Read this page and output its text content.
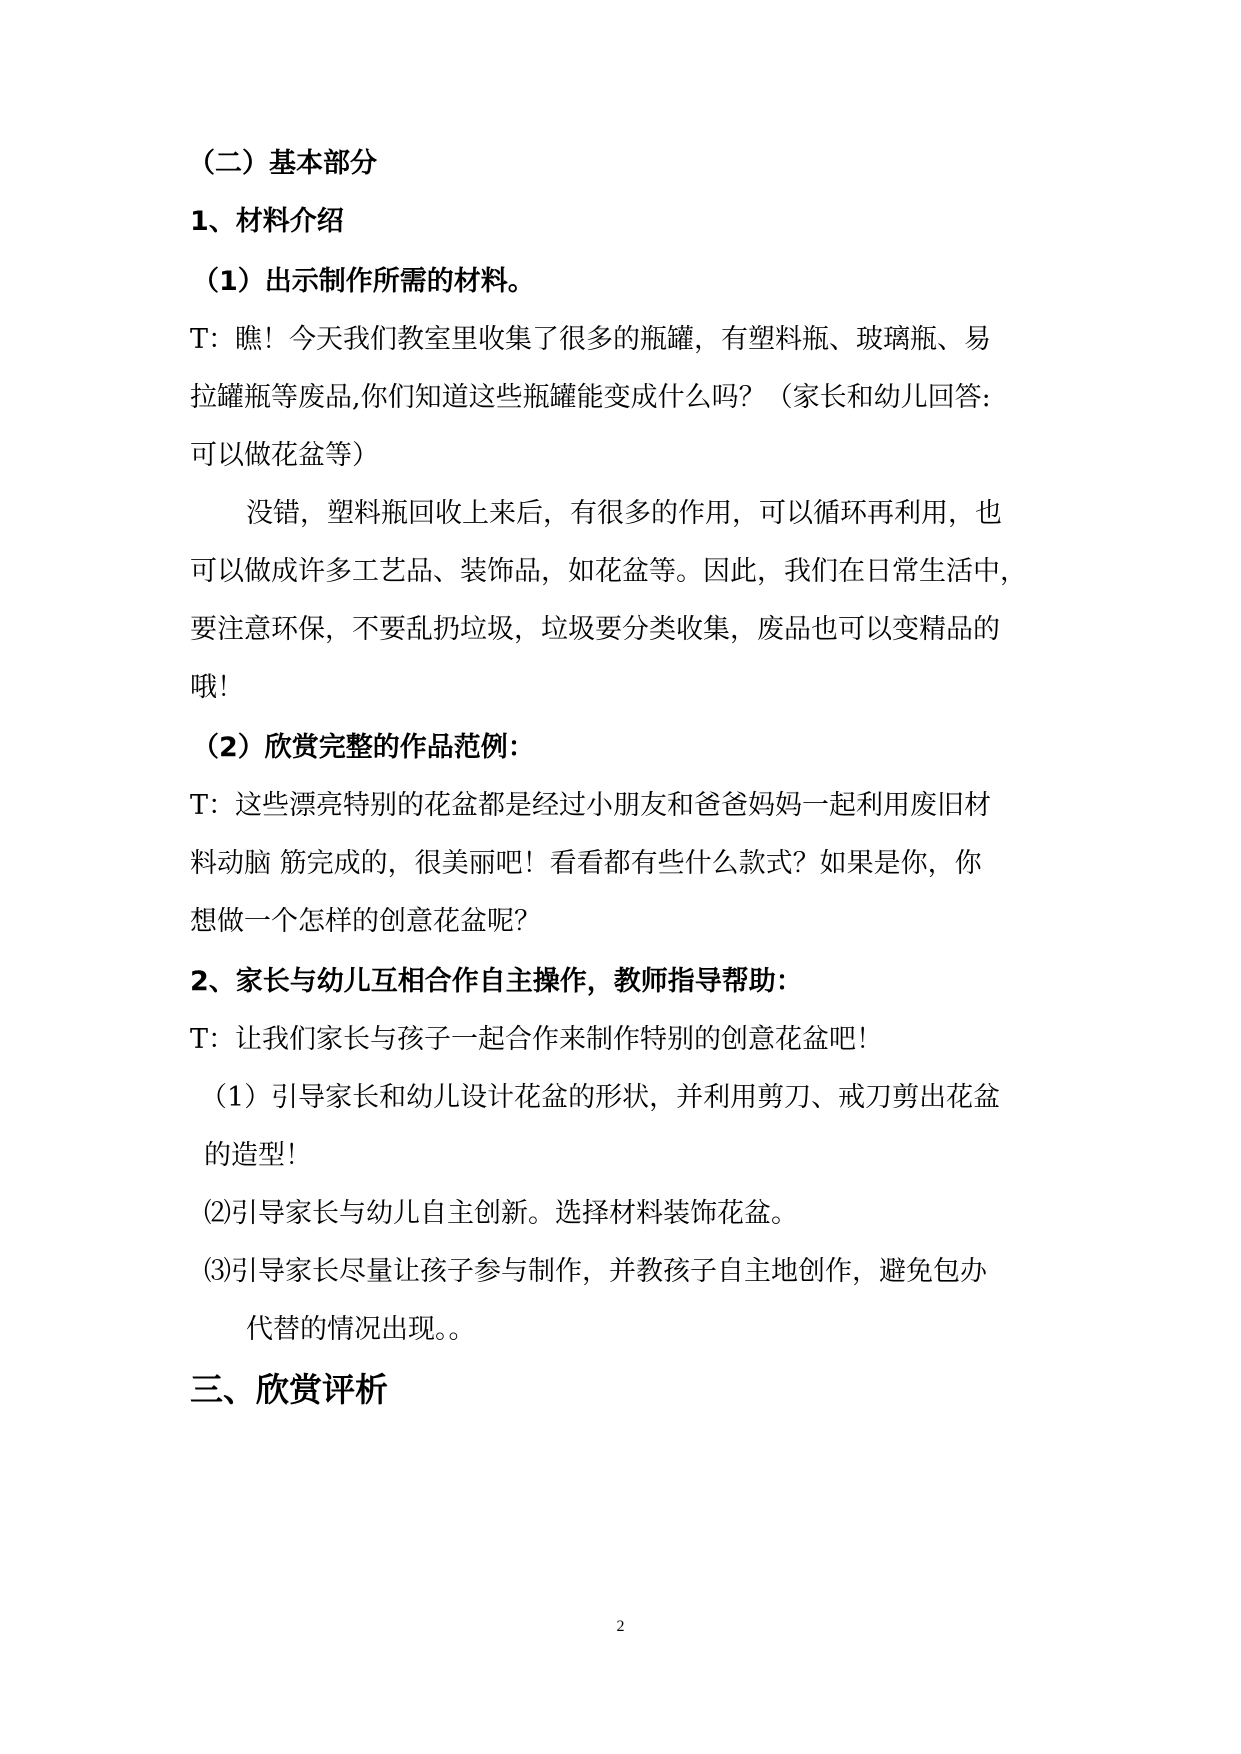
（二）基本部分
1、材料介绍
（1）出示制作所需的材料。
T：瞧！今天我们教室里收集了很多的瓶罐，有塑料瓶、玻璃瓶、易
拉罐瓶等废品,你们知道这些瓶罐能变成什么吗？（家长和幼儿回答:
可以做花盆等）
没错，塑料瓶回收上来后，有很多的作用，可以循环再利用，也
可以做成许多工艺品、装饰品，如花盆等。因此，我们在日常生活中，
要注意环保，不要乱扔垃圾，垃圾要分类收集，废品也可以变精品的
哦！
（2）欣赏完整的作品范例：
T：这些漂亮特别的花盆都是经过小朋友和爸爸妈妈一起利用废旧材
料动脑 筋完成的，很美丽吧！看看都有些什么款式？如果是你，你
想做一个怎样的创意花盆呢？
2、家长与幼儿互相合作自主操作，教师指导帮助：
T：让我们家长与孩子一起合作来制作特别的创意花盆吧！
（1）引导家长和幼儿设计花盆的形状，并利用剪刀、戒刀剪出花盆
的造型！
⑵引导家长与幼儿自主创新。选择材料装饰花盆。
⑶引导家长尽量让孩子参与制作，并教孩子自主地创作，避免包办
代替的情况出现。。
三、欣赏评析
2
